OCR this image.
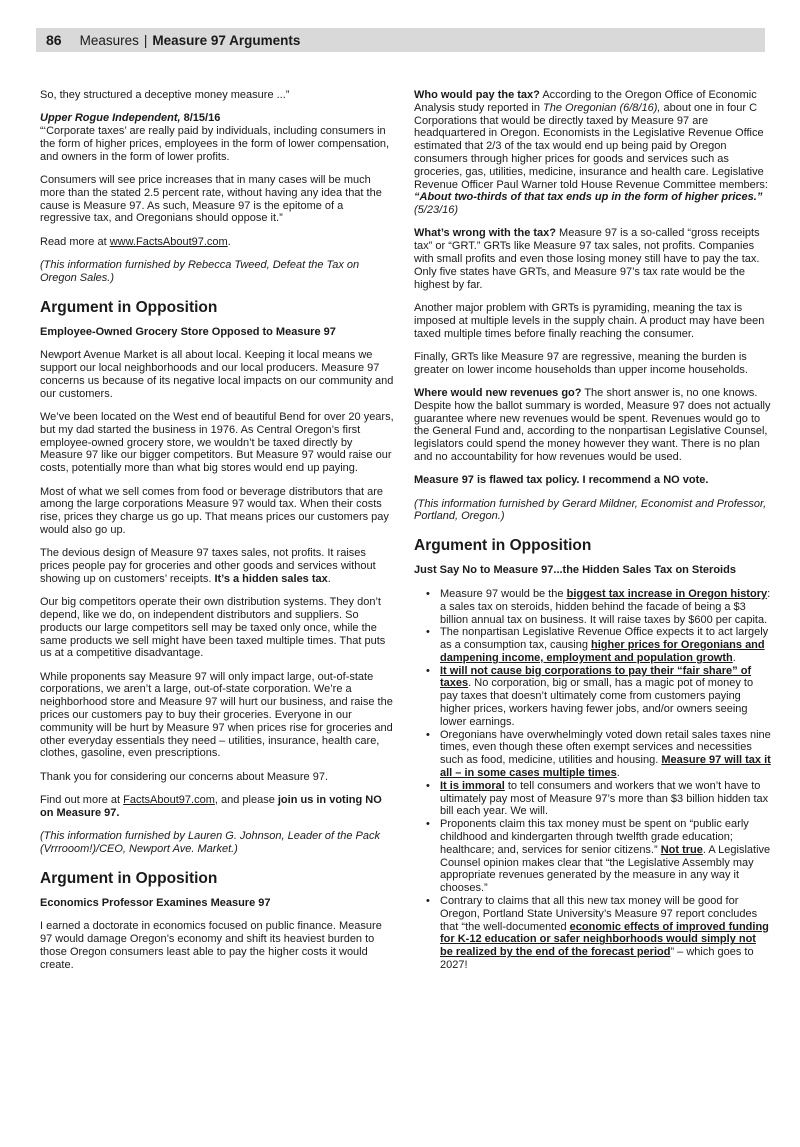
86 Measures | Measure 97 Arguments

So, they structured a deceptive money measure ...”

Upper Rogue Independent, 8/15/16

“‘Corporate taxes’ are really paid by individuals, including consumers in the form of higher prices, employees in the form of lower compensation, and owners in the form of lower profits.

Consumers will see price increases that in many cases will be much more than the stated 2.5 percent rate, without having any idea that the cause is Measure 97. As such, Measure 97 is the epitome of a regressive tax, and Oregonians should oppose it.”

Read more at www.FactsAbout97.com.

(This information furnished by Rebecca Tweed, Defeat the Tax on Oregon Sales.)

Argument in Opposition
Employee-Owned Grocery Store Opposed to Measure 97

Newport Avenue Market is all about local. Keeping it local means we support our local neighborhoods and our local producers. Measure 97 concerns us because of its negative local impacts on our community and our customers.

We’ve been located on the West end of beautiful Bend for over 20 years, but my dad started the business in 1976. As Central Oregon’s first employee-owned grocery store, we wouldn’t be taxed directly by Measure 97 like our bigger competitors. But Measure 97 would raise our costs, potentially more than what big stores would end up paying.

Most of what we sell comes from food or beverage distributors that are among the large corporations Measure 97 would tax. When their costs rise, prices they charge us go up. That means prices our customers pay would also go up.

The devious design of Measure 97 taxes sales, not profits. It raises prices people pay for groceries and other goods and services without showing up on customers’ receipts. It’s a hidden sales tax.

Our big competitors operate their own distribution systems. They don’t depend, like we do, on independent distributors and suppliers. So products our large competitors sell may be taxed only once, while the same products we sell might have been taxed multiple times. That puts us at a competitive disadvantage.

While proponents say Measure 97 will only impact large, out-of-state corporations, we aren’t a large, out-of-state corporation. We’re a neighborhood store and Measure 97 will hurt our business, and raise the prices our customers pay to buy their groceries. Everyone in our community will be hurt by Measure 97 when prices rise for groceries and other everyday essentials they need – utilities, insurance, health care, clothes, gasoline, even prescriptions.

Thank you for considering our concerns about Measure 97.

Find out more at FactsAbout97.com, and please join us in voting NO on Measure 97.

(This information furnished by Lauren G. Johnson, Leader of the Pack (Vrrrooom!)/CEO, Newport Ave. Market.)

Argument in Opposition
Economics Professor Examines Measure 97

I earned a doctorate in economics focused on public finance. Measure 97 would damage Oregon’s economy and shift its heaviest burden to those Oregon consumers least able to pay the higher costs it would create.

Who would pay the tax? According to the Oregon Office of Economic Analysis study reported in The Oregonian (6/8/16), about one in four C Corporations that would be directly taxed by Measure 97 are headquartered in Oregon. Economists in the Legislative Revenue Office estimated that 2/3 of the tax would end up being paid by Oregon consumers through higher prices for goods and services such as groceries, gas, utilities, medicine, insurance and health care. Legislative Revenue Officer Paul Warner told House Revenue Committee members: “About two-thirds of that tax ends up in the form of higher prices.” (5/23/16)

What’s wrong with the tax? Measure 97 is a so-called “gross receipts tax” or “GRT.” GRTs like Measure 97 tax sales, not profits. Companies with small profits and even those losing money still have to pay the tax. Only five states have GRTs, and Measure 97’s tax rate would be the highest by far.

Another major problem with GRTs is pyramiding, meaning the tax is imposed at multiple levels in the supply chain. A product may have been taxed multiple times before finally reaching the consumer.

Finally, GRTs like Measure 97 are regressive, meaning the burden is greater on lower income households than upper income households.

Where would new revenues go? The short answer is, no one knows. Despite how the ballot summary is worded, Measure 97 does not actually guarantee where new revenues would be spent. Revenues would go to the General Fund and, according to the nonpartisan Legislative Counsel, legislators could spend the money however they want. There is no plan and no accountability for how revenues would be used.

Measure 97 is flawed tax policy. I recommend a NO vote.

(This information furnished by Gerard Mildner, Economist and Professor, Portland, Oregon.)

Argument in Opposition
Just Say No to Measure 97...the Hidden Sales Tax on Steroids
• Measure 97 would be the biggest tax increase in Oregon history: a sales tax on steroids, hidden behind the facade of being a $3 billion annual tax on business. It will raise taxes by $600 per capita.
• The nonpartisan Legislative Revenue Office expects it to act largely as a consumption tax, causing higher prices for Oregonians and dampening income, employment and population growth.
• It will not cause big corporations to pay their “fair share” of taxes. No corporation, big or small, has a magic pot of money to pay taxes that doesn’t ultimately come from customers paying higher prices, workers having fewer jobs, and/or owners seeing lower earnings.
• Oregonians have overwhelmingly voted down retail sales taxes nine times, even though these often exempt services and necessities such as food, medicine, utilities and housing. Measure 97 will tax it all – in some cases multiple times.
• It is immoral to tell consumers and workers that we won’t have to ultimately pay most of Measure 97’s more than $3 billion hidden tax bill each year. We will.
• Proponents claim this tax money must be spent on “public early childhood and kindergarten through twelfth grade education; healthcare; and, services for senior citizens.” Not true. A Legislative Counsel opinion makes clear that “the Legislative Assembly may appropriate revenues generated by the measure in any way it chooses.”
• Contrary to claims that all this new tax money will be good for Oregon, Portland State University’s Measure 97 report concludes that “the well-documented economic effects of improved funding for K-12 education or safer neighborhoods would simply not be realized by the end of the forecast period” – which goes to 2027!
